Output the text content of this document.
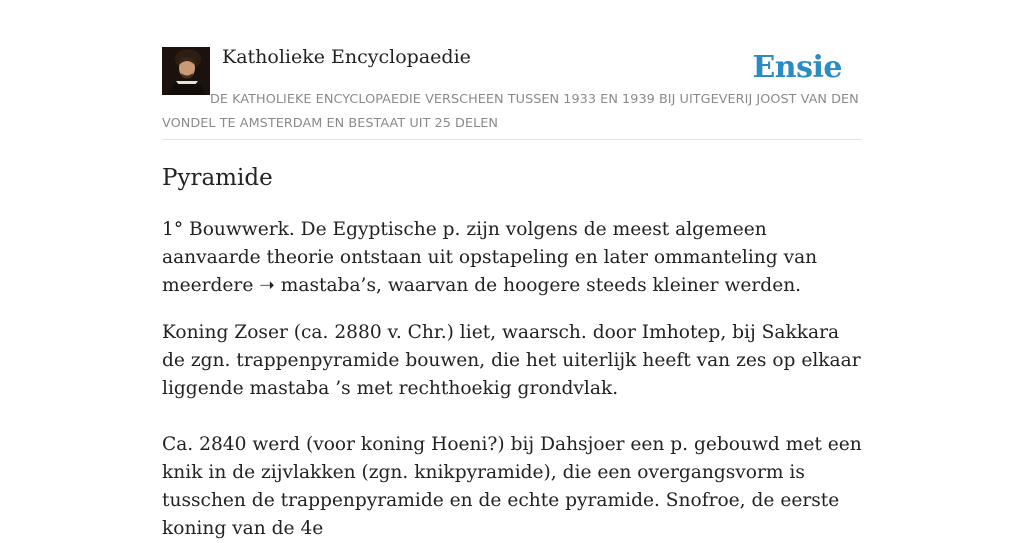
Katholieke Encyclopaedie	Ensie
DE KATHOLIEKE ENCYCLOPAEDIE VERSCHEEN TUSSEN 1933 EN 1939 BIJ UITGEVERIJ JOOST VAN DEN VONDEL TE AMSTERDAM EN BESTAAT UIT 25 DELEN
Pyramide

1° Bouwwerk. De Egyptische p. zijn volgens de meest algemeen aanvaarde theorie ontstaan uit opstapeling en later ommanteling van meerdere ➝ mastaba’s, waarvan de hoogere steeds kleiner werden.

Koning Zoser (ca. 2880 v. Chr.) liet, waarsch. door Imhotep, bij Sakkara de zgn. trappenpyramide bouwen, die het uiterlijk heeft van zes op elkaar liggende mastaba ’s met rechthoekig grondvlak.

Ca. 2840 werd (voor koning Hoeni?) bij Dahsjoer een p. gebouwd met een knik in de zijvlakken (zgn. knikpyramide), die een overgangsvorm is tusschen de trappenpyramide en de echte pyramide. Snofroe, de eerste koning van de 4e
